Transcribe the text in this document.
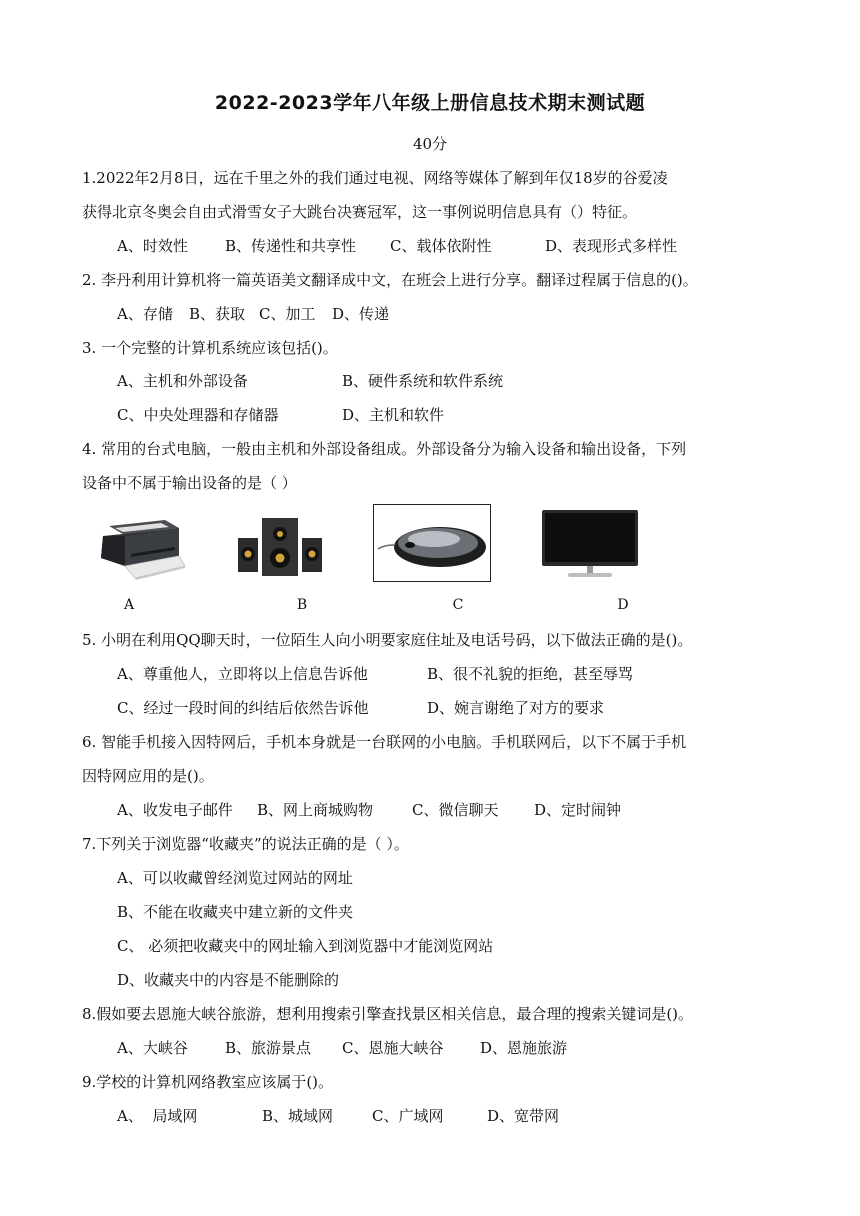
2022-2023学年八年级上册信息技术期末测试题
40分
1.2022年2月8日，远在千里之外的我们通过电视、网络等媒体了解到年仅18岁的谷爱凌
获得北京冬奥会自由式滑雪女子大跳台决赛冠军，这一事例说明信息具有（）特征。
A、时效性 B、传递性和共享性 C、载体依附性	D、表现形式多样性
2. 李丹利用计算机将一篇英语美文翻译成中文，在班会上进行分享。翻译过程属于信息的()。
A、存储 B、获取 C、加工 D、传递
3. 一个完整的计算机系统应该包括()。
A、主机和外部设备	B、硬件系统和软件系统
C、中央处理器和存储器	D、主机和软件
4. 常用的台式电脑，一般由主机和外部设备组成。外部设备分为输入设备和输出设备，下列
设备中不属于输出设备的是（ ）
A	B	C	D
5. 小明在利用QQ聊天时，一位陌生人向小明要家庭住址及电话号码，以下做法正确的是()。
A、尊重他人，立即将以上信息告诉他	B、很不礼貌的拒绝，甚至辱骂
C、经过一段时间的纠结后依然告诉他	D、婉言谢绝了对方的要求
6. 智能手机接入因特网后，手机本身就是一台联网的小电脑。手机联网后，以下不属于手机
因特网应用的是()。
A、收发电子邮件 B、网上商城购物	C、微信聊天 D、定时闹钟
7.下列关于浏览器“收藏夹”的说法正确的是（ ）。
A、可以收藏曾经浏览过网站的网址
B、不能在收藏夹中建立新的文件夹
C、 必须把收藏夹中的网址输入到浏览器中才能浏览网站
D、收藏夹中的内容是不能删除的
8.假如要去恩施大峡谷旅游，想利用搜索引擎查找景区相关信息，最合理的搜索关键词是()。
A、大峡谷 B、旅游景点 C、恩施大峡谷 D、恩施旅游
9.学校的计算机网络教室应该属于()。
A、  局域网	B、城域网	C、广域网	D、宽带网
